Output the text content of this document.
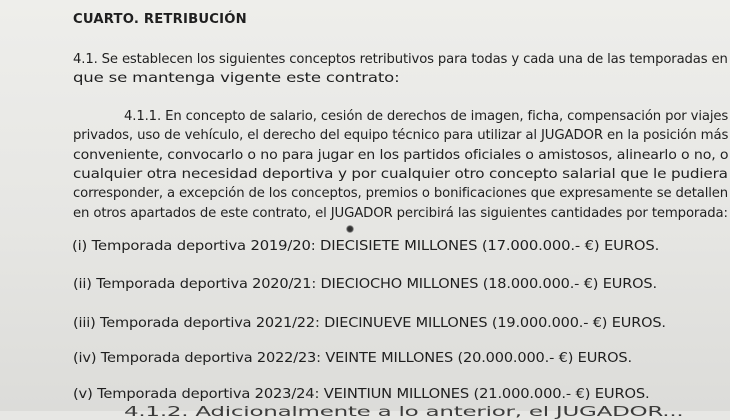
CUARTO. RETRIBUCIÓN
4.1. Se establecen los siguientes conceptos retributivos para todas y cada una de las temporadas en
que se mantenga vigente este contrato:
4.1.1. En concepto de salario, cesión de derechos de imagen, ficha, compensación por viajes
privados, uso de vehículo, el derecho del equipo técnico para utilizar al JUGADOR en la posición más
conveniente, convocarlo o no para jugar en los partidos oficiales o amistosos, alinearlo o no, o
cualquier otra necesidad deportiva y por cualquier otro concepto salarial que le pudiera
corresponder, a excepción de los conceptos, premios o bonificaciones que expresamente se detallen
en otros apartados de este contrato, el JUGADOR percibirá las siguientes cantidades por temporada:
(i) Temporada deportiva 2019/20: DIECISIETE MILLONES (17.000.000.- €) EUROS.
(ii) Temporada deportiva 2020/21: DIECIOCHO MILLONES (18.000.000.- €) EUROS.
(iii) Temporada deportiva 2021/22: DIECINUEVE MILLONES (19.000.000.- €) EUROS.
(iv) Temporada deportiva 2022/23: VEINTE MILLONES (20.000.000.- €) EUROS.
(v) Temporada deportiva 2023/24: VEINTIUN MILLONES (21.000.000.- €) EUROS.
4.1.2. Adicionalmente a lo anterior, el JUGADOR...
